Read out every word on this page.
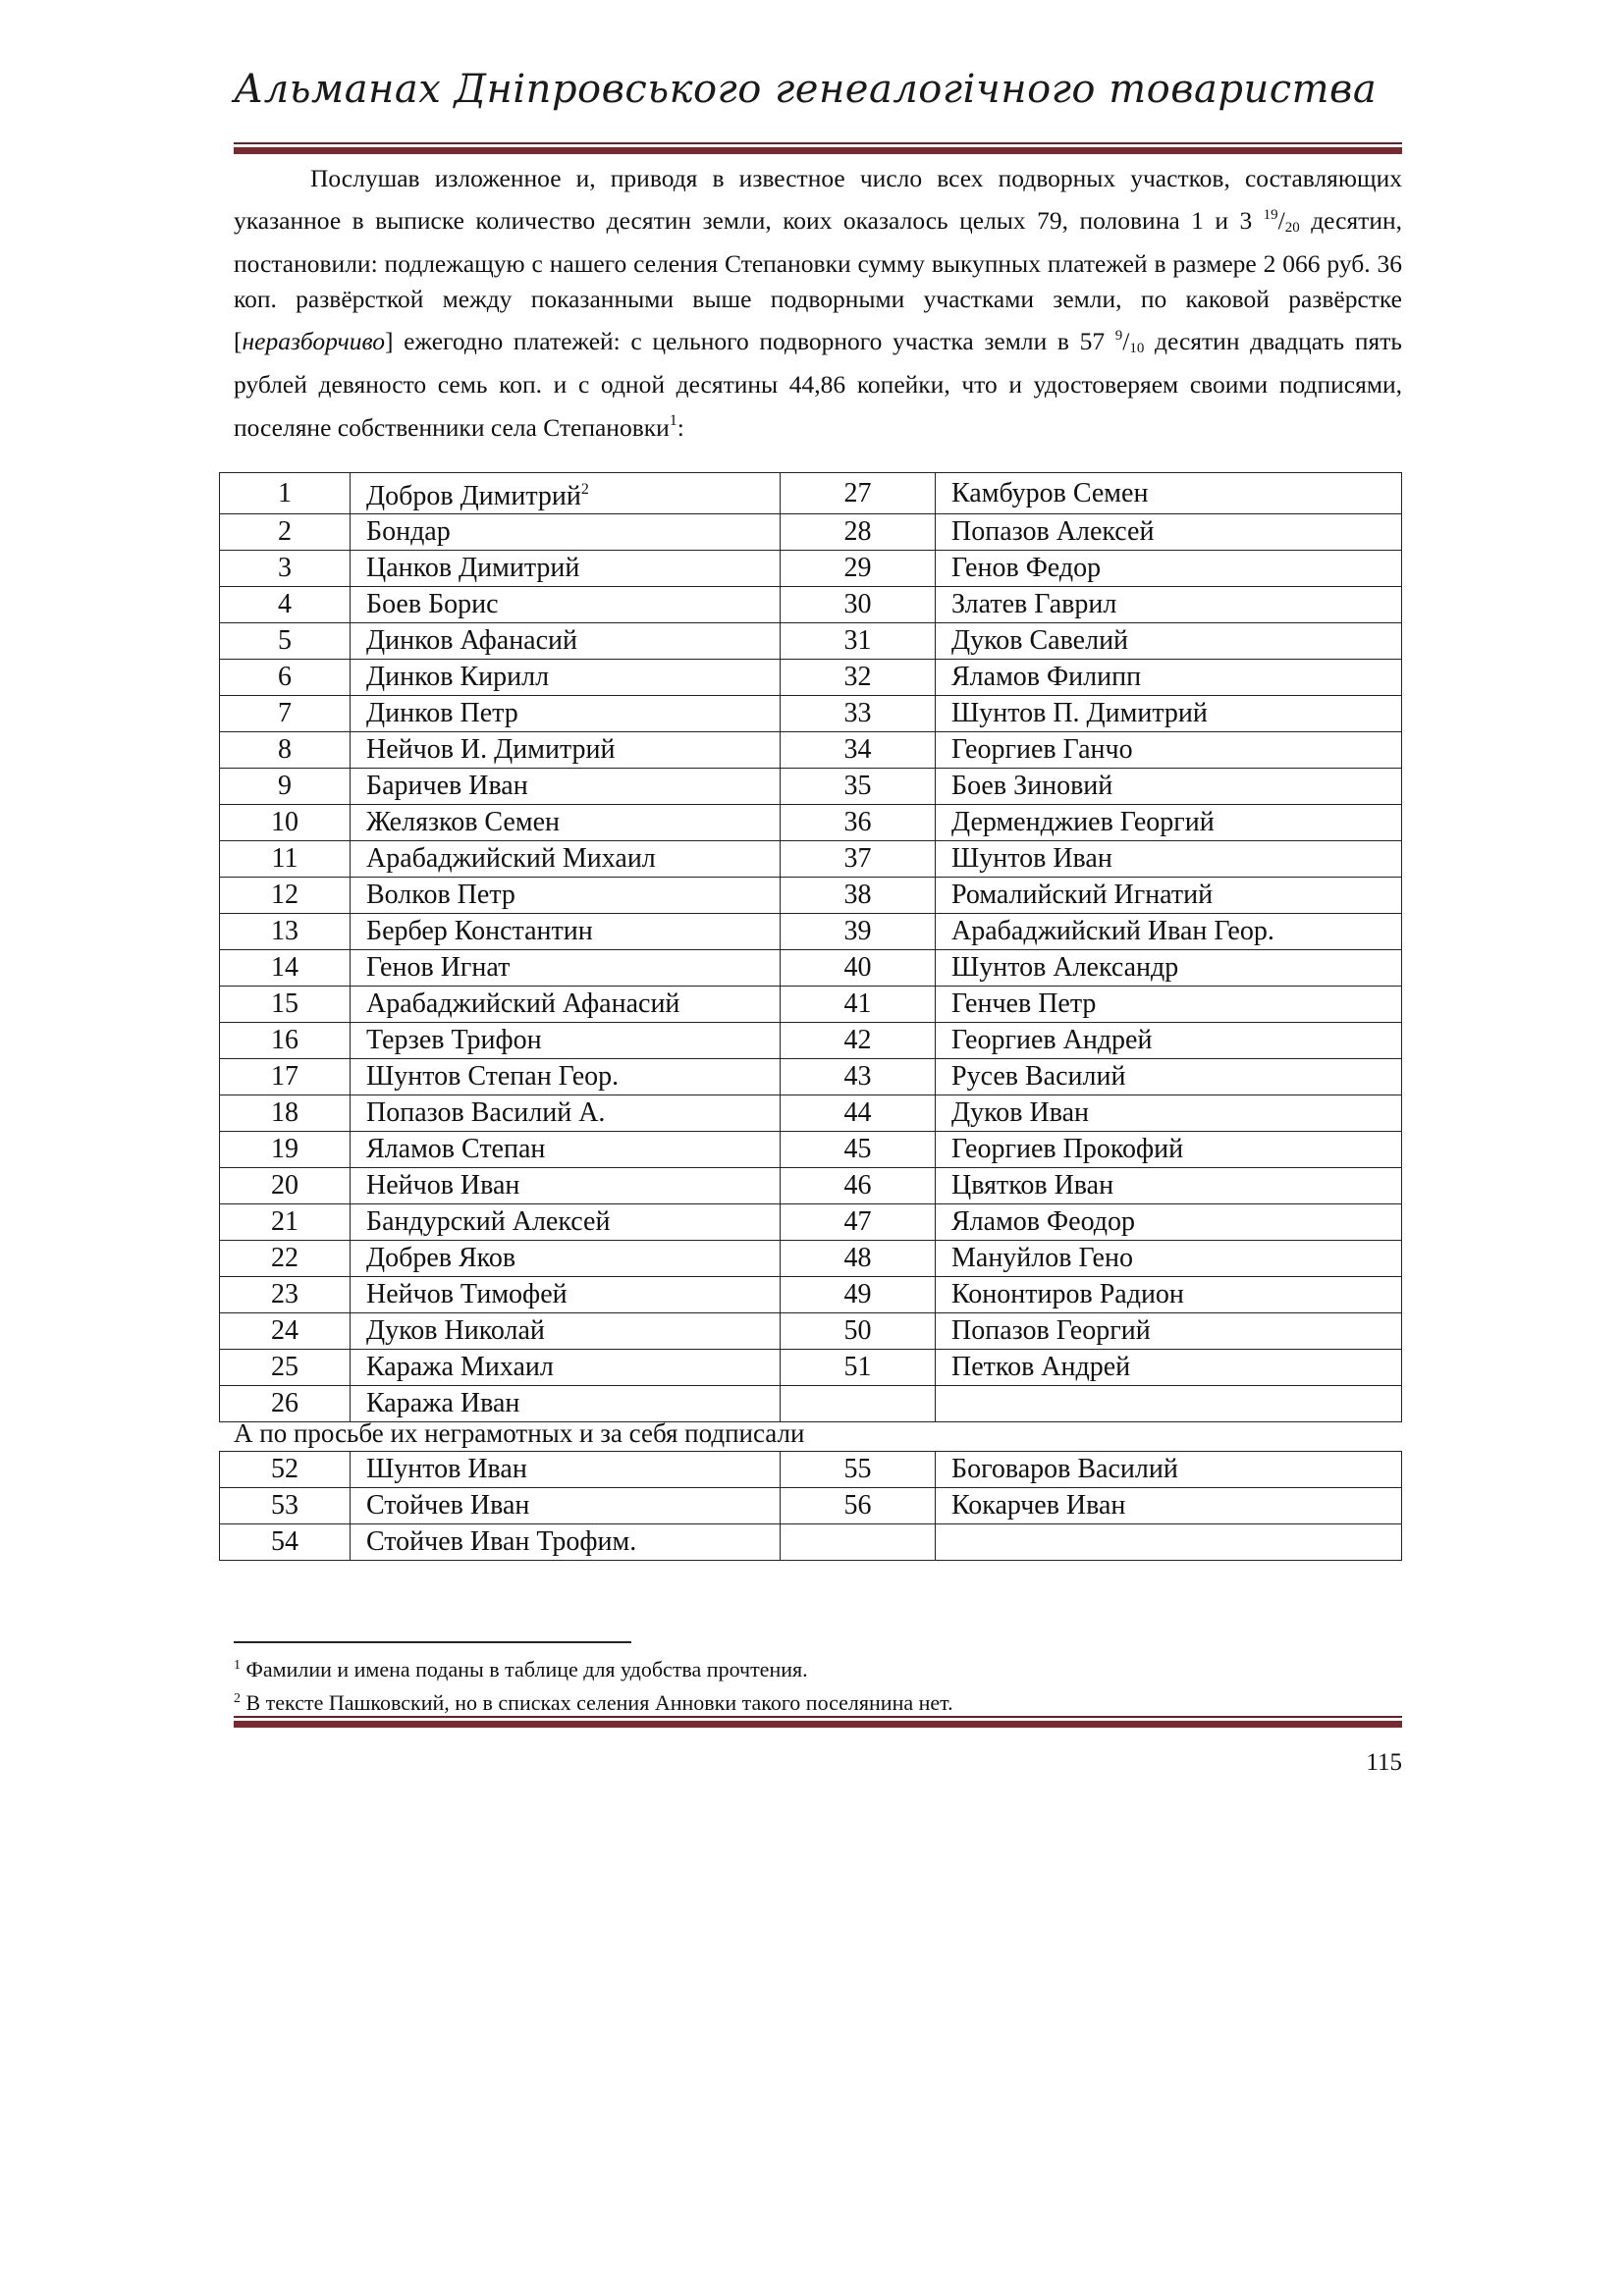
Альманах Дніпровського генеалогічного товариства

Послушав изложенное и, приводя в известное число всех подворных участков, составляющих указанное в выписке количество десятин земли, коих оказалось целых 79, половина 1 и 3 $^{19}/_{20}$ десятин, постановили: подлежащую с нашего селения Степановки сумму выкупных платежей в размере 2 066 руб. 36 коп. развёрсткой между показанными выше подворными участками земли, по каковой развёрстке [неразборчиво] ежегодно платежей: с цельного подворного участка земли в 57 $^9/_{10}$ десятин двадцать пять рублей девяносто семь коп. и с одной десятины 44,86 копейки, что и удостоверяем своими подписями, поселяне собственники села Степановки$^1$:

1	Добров Димитрий$^2$	27	Камбуров Семен
2	Бондар	28	Попазов Алексей
3	Цанков Димитрий	29	Генов Федор
4	Боев Борис	30	Златев Гаврил
5	Динков Афанасий	31	Дуков Савелий
6	Динков Кирилл	32	Яламов Филипп
7	Динков Петр	33	Шунтов П. Димитрий
8	Нейчов И. Димитрий	34	Георгиев Ганчо
9	Баричев Иван	35	Боев Зиновий
10	Желязков Семен	36	Дерменджиев Георгий
11	Арабаджийский Михаил	37	Шунтов Иван
12	Волков Петр	38	Ромалийский Игнатий
13	Бербер Константин	39	Арабаджийский Иван Геор.
14	Генов Игнат	40	Шунтов Александр
15	Арабаджийский Афанасий	41	Генчев Петр
16	Терзев Трифон	42	Георгиев Андрей
17	Шунтов Степан Геор.	43	Русев Василий
18	Попазов Василий А.	44	Дуков Иван
19	Яламов Степан	45	Георгиев Прокофий
20	Нейчов Иван	46	Цвятков Иван
21	Бандурский Алексей	47	Яламов Феодор
22	Добрев Яков	48	Мануйлов Гено
23	Нейчов Тимофей	49	Кононтиров Радион
24	Дуков Николай	50	Попазов Георгий
25	Каража Михаил	51	Петков Андрей
26	Каража Иван		
А по просьбе их неграмотных и за себя подписали
52	Шунтов Иван	55	Боговаров Василий
53	Стойчев Иван	56	Кокарчев Иван
54	Стойчев Иван Трофим.		
$^1$ Фамилии и имена поданы в таблице для удобства прочтения.
$^2$ В тексте Пашковский, но в списках селения Анновки такого поселянина нет.
115
